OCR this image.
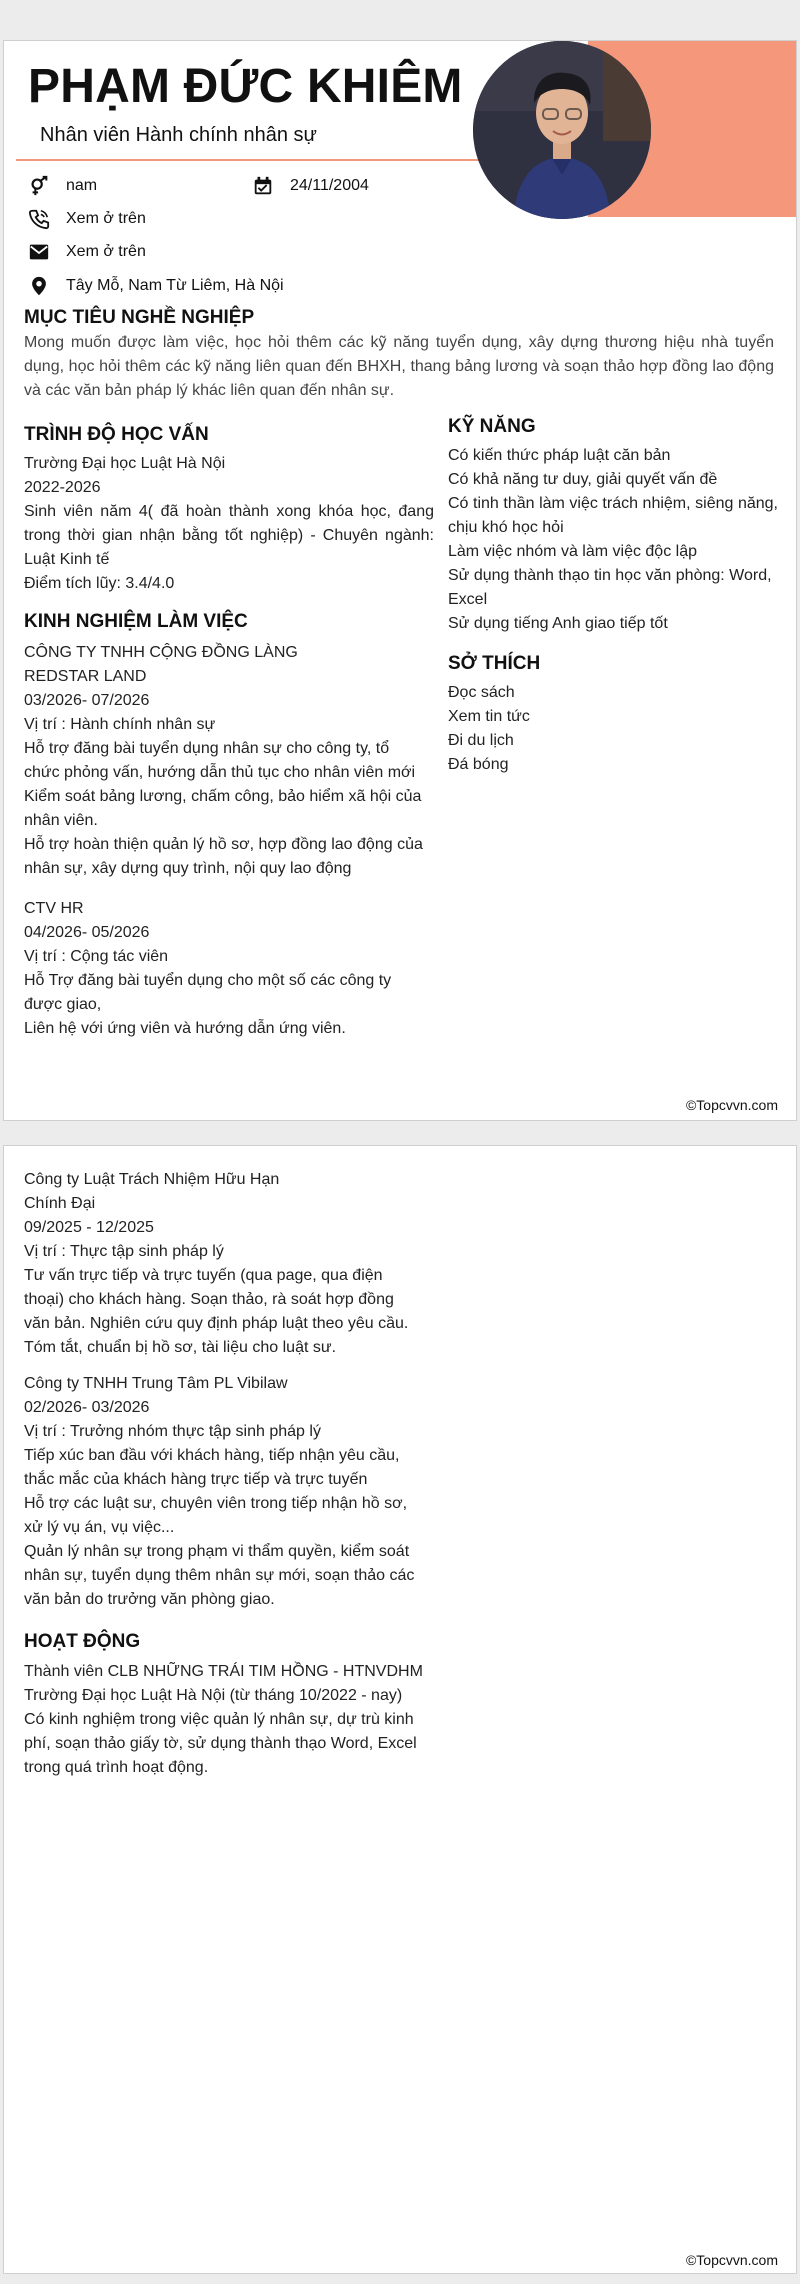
PHẠM ĐỨC KHIÊM
Nhân viên Hành chính nhân sự
nam	24/11/2004
Xem ở trên
Xem ở trên
Tây Mỗ, Nam Từ Liêm, Hà Nội
MỤC TIÊU NGHỀ NGHIỆP
Mong muốn được làm việc, học hỏi thêm các kỹ năng tuyển dụng, xây dựng thương hiệu nhà tuyển dụng, học hỏi thêm các kỹ năng liên quan đến BHXH, thang bảng lương và soạn thảo hợp đồng lao động và các văn bản pháp lý khác liên quan đến nhân sự.
TRÌNH ĐỘ HỌC VẤN
Trường Đại học Luật Hà Nội
2022-2026
Sinh viên năm 4( đã hoàn thành xong khóa học, đang trong thời gian nhận bằng tốt nghiệp) - Chuyên ngành: Luật Kinh tế
Điểm tích lũy: 3.4/4.0
KINH NGHIỆM LÀM VIỆC
CÔNG TY TNHH CỘNG ĐỒNG LÀNG REDSTAR LAND
03/2026- 07/2026
Vị trí : Hành chính nhân sự
Hỗ trợ đăng bài tuyển dụng nhân sự cho công ty, tổ chức phỏng vấn, hướng dẫn thủ tục cho nhân viên mới
Kiểm soát bảng lương, chấm công, bảo hiểm xã hội của nhân viên.
Hỗ trợ hoàn thiện quản lý hồ sơ, hợp đồng lao động của nhân sự, xây dựng quy trình, nội quy lao động
CTV HR
04/2026- 05/2026
Vị trí : Cộng tác viên
Hỗ Trợ đăng bài tuyển dụng cho một số các công ty được giao,
Liên hệ với ứng viên và hướng dẫn ứng viên.
KỸ NĂNG
Có kiến thức pháp luật căn bản
Có khả năng tư duy, giải quyết vấn đề
Có tinh thần làm việc trách nhiệm, siêng năng, chịu khó học hỏi
Làm việc nhóm và làm việc độc lập
Sử dụng thành thạo tin học văn phòng: Word, Excel
Sử dụng tiếng Anh giao tiếp tốt
SỞ THÍCH
Đọc sách
Xem tin tức
Đi du lịch
Đá bóng
©Topcvvn.com
Công ty Luật Trách Nhiệm Hữu Hạn Chính Đại
09/2025 - 12/2025
Vị trí : Thực tập sinh pháp lý
Tư vấn trực tiếp và trực tuyến (qua page, qua điện thoại) cho khách hàng. Soạn thảo, rà soát hợp đồng văn bản. Nghiên cứu quy định pháp luật theo yêu cầu. Tóm tắt, chuẩn bị hồ sơ, tài liệu cho luật sư.
Công ty TNHH Trung Tâm PL Vibilaw
02/2026- 03/2026
Vị trí : Trưởng nhóm thực tập sinh pháp lý
Tiếp xúc ban đầu với khách hàng, tiếp nhận yêu cầu, thắc mắc của khách hàng trực tiếp và trực tuyến
Hỗ trợ các luật sư, chuyên viên trong tiếp nhận hồ sơ, xử lý vụ án, vụ việc...
Quản lý nhân sự trong phạm vi thẩm quyền, kiểm soát nhân sự, tuyển dụng thêm nhân sự mới, soạn thảo các văn bản do trưởng văn phòng giao.
HOẠT ĐỘNG
Thành viên CLB NHỮNG TRÁI TIM HỒNG - HTNVDHM Trường Đại học Luật Hà Nội (từ tháng 10/2022 - nay)
Có kinh nghiệm trong việc quản lý nhân sự, dự trù kinh phí, soạn thảo giấy tờ, sử dụng thành thạo Word, Excel trong quá trình hoạt động.
©Topcvvn.com
